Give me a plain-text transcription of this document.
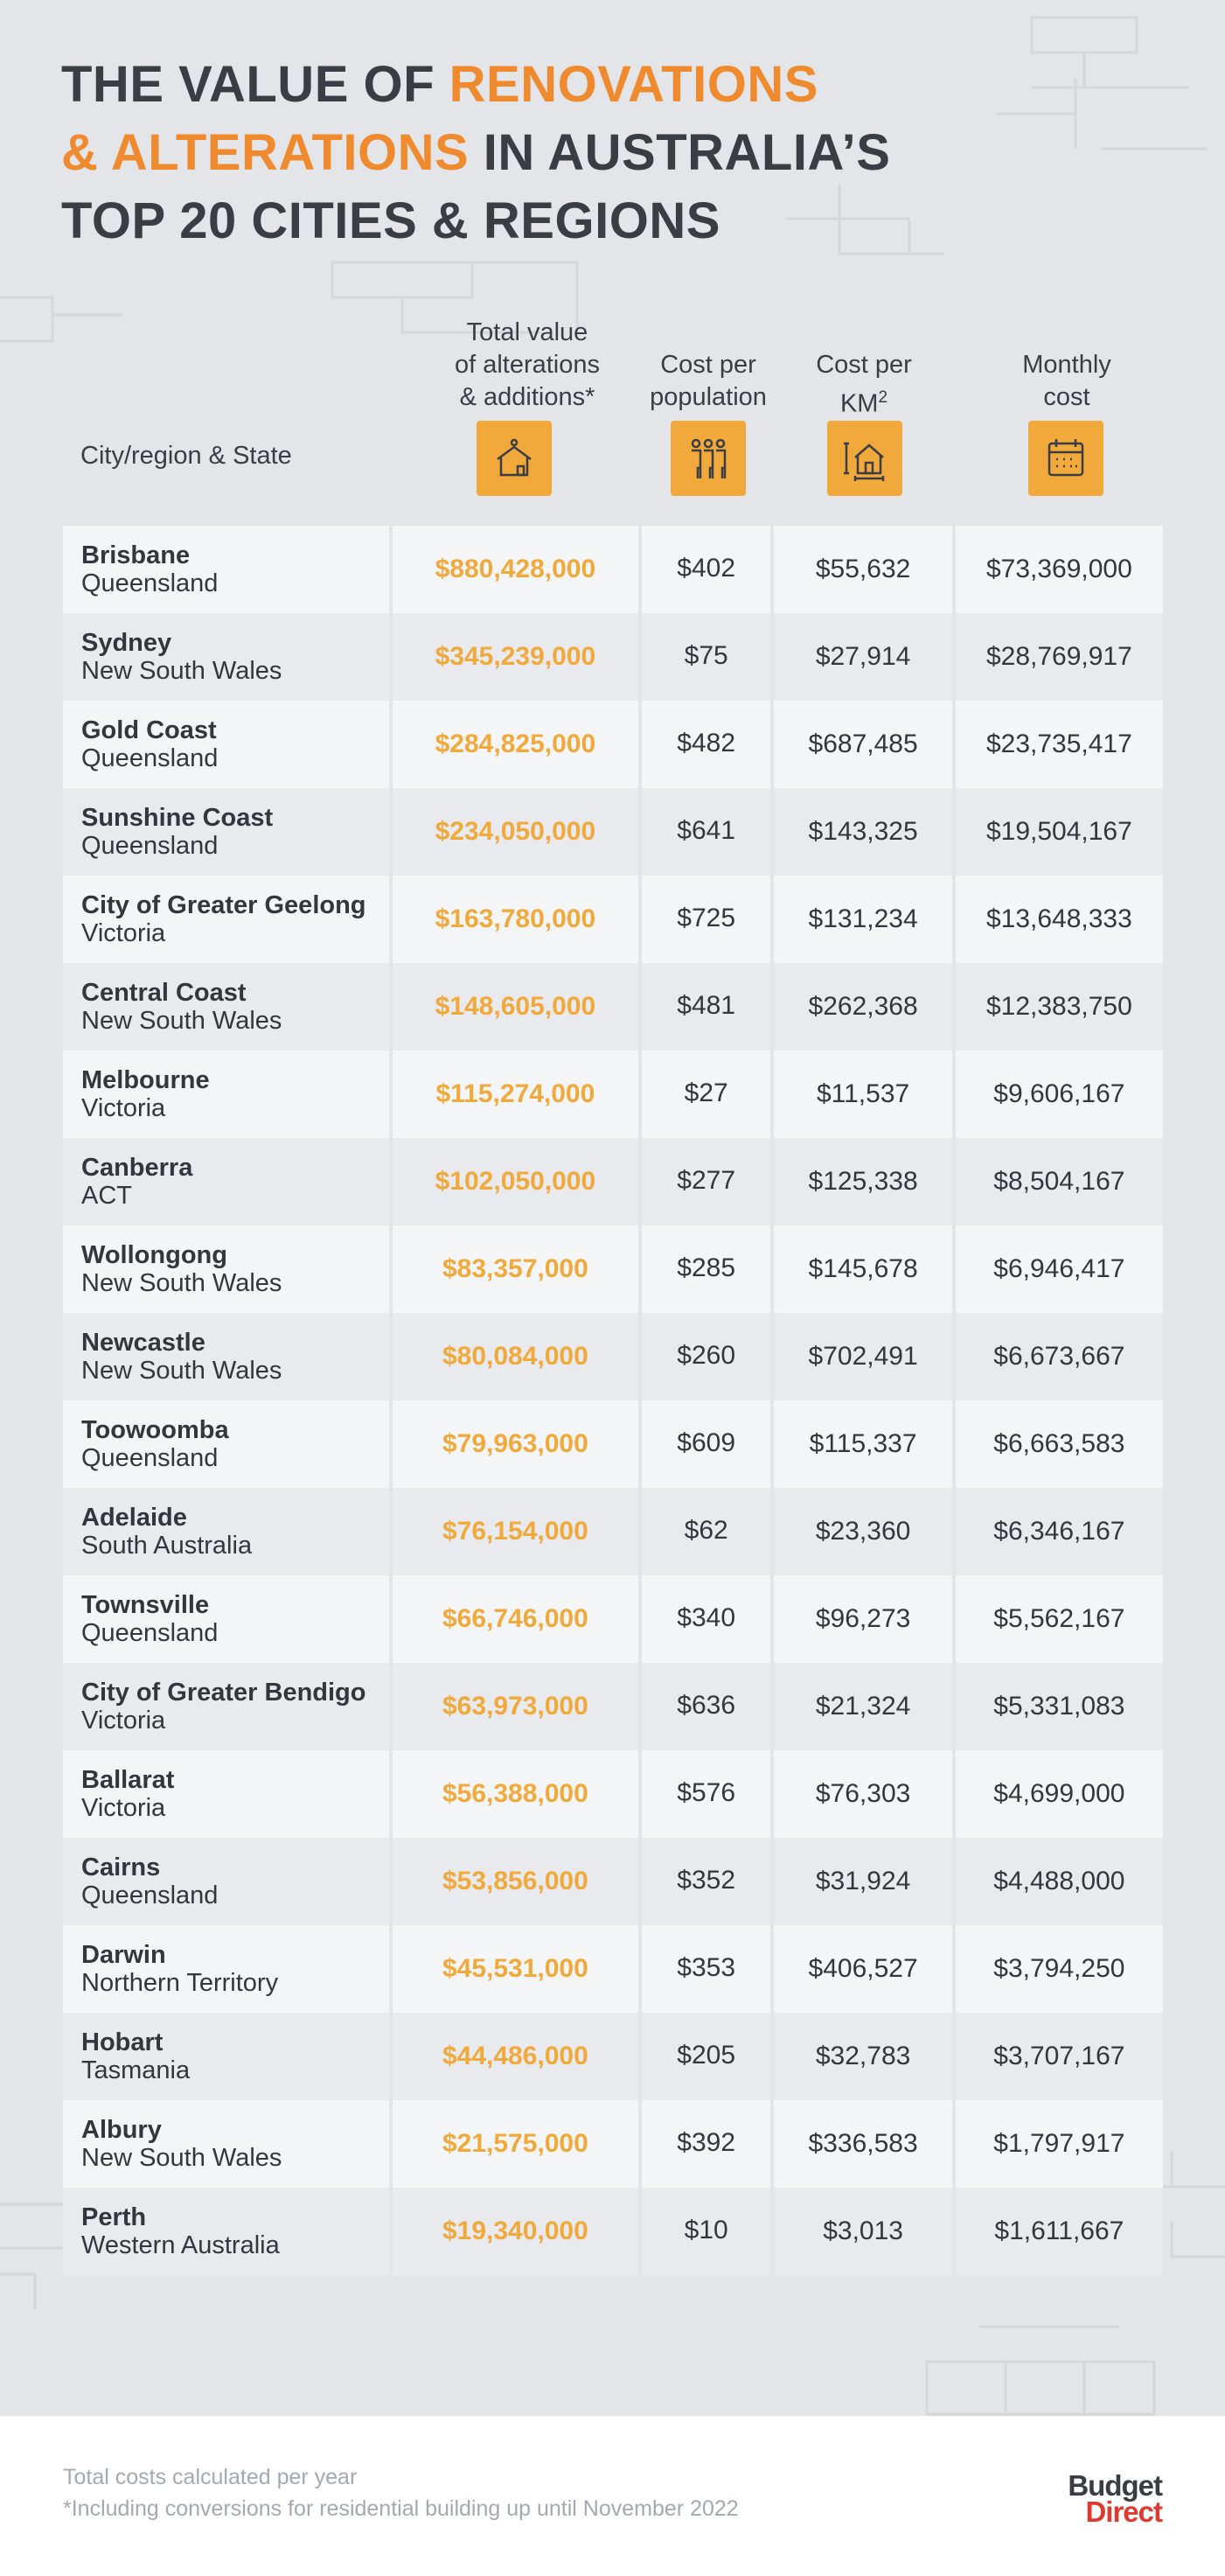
THE VALUE OF RENOVATIONS
& ALTERATIONS IN AUSTRALIA’S
TOP 20 CITIES & REGIONS
City/region & State
Total value
of alterations
& additions*
Cost per
population
Cost per
$KM^2$
Monthly
cost
Brisbane
Queensland	$880,428,000	$402	$55,632	$73,369,000
Sydney
New South Wales	$345,239,000	$75	$27,914	$28,769,917
Gold Coast
Queensland	$284,825,000	$482	$687,485	$23,735,417
Sunshine Coast
Queensland	$234,050,000	$641	$143,325	$19,504,167
City of Greater Geelong
Victoria	$163,780,000	$725	$131,234	$13,648,333
Central Coast
New South Wales	$148,605,000	$481	$262,368	$12,383,750
Melbourne
Victoria	$115,274,000	$27	$11,537	$9,606,167
Canberra
ACT	$102,050,000	$277	$125,338	$8,504,167
Wollongong
New South Wales	$83,357,000	$285	$145,678	$6,946,417
Newcastle
New South Wales	$80,084,000	$260	$702,491	$6,673,667
Toowoomba
Queensland	$79,963,000	$609	$115,337	$6,663,583
Adelaide
South Australia	$76,154,000	$62	$23,360	$6,346,167
Townsville
Queensland	$66,746,000	$340	$96,273	$5,562,167
City of Greater Bendigo
Victoria	$63,973,000	$636	$21,324	$5,331,083
Ballarat
Victoria	$56,388,000	$576	$76,303	$4,699,000
Cairns
Queensland	$53,856,000	$352	$31,924	$4,488,000
Darwin
Northern Territory	$45,531,000	$353	$406,527	$3,794,250
Hobart
Tasmania	$44,486,000	$205	$32,783	$3,707,167
Albury
New South Wales	$21,575,000	$392	$336,583	$1,797,917
Perth
Western Australia	$19,340,000	$10	$3,013	$1,611,667
Total costs calculated per year
*Including conversions for residential building up until November 2022
Budget
Direct
